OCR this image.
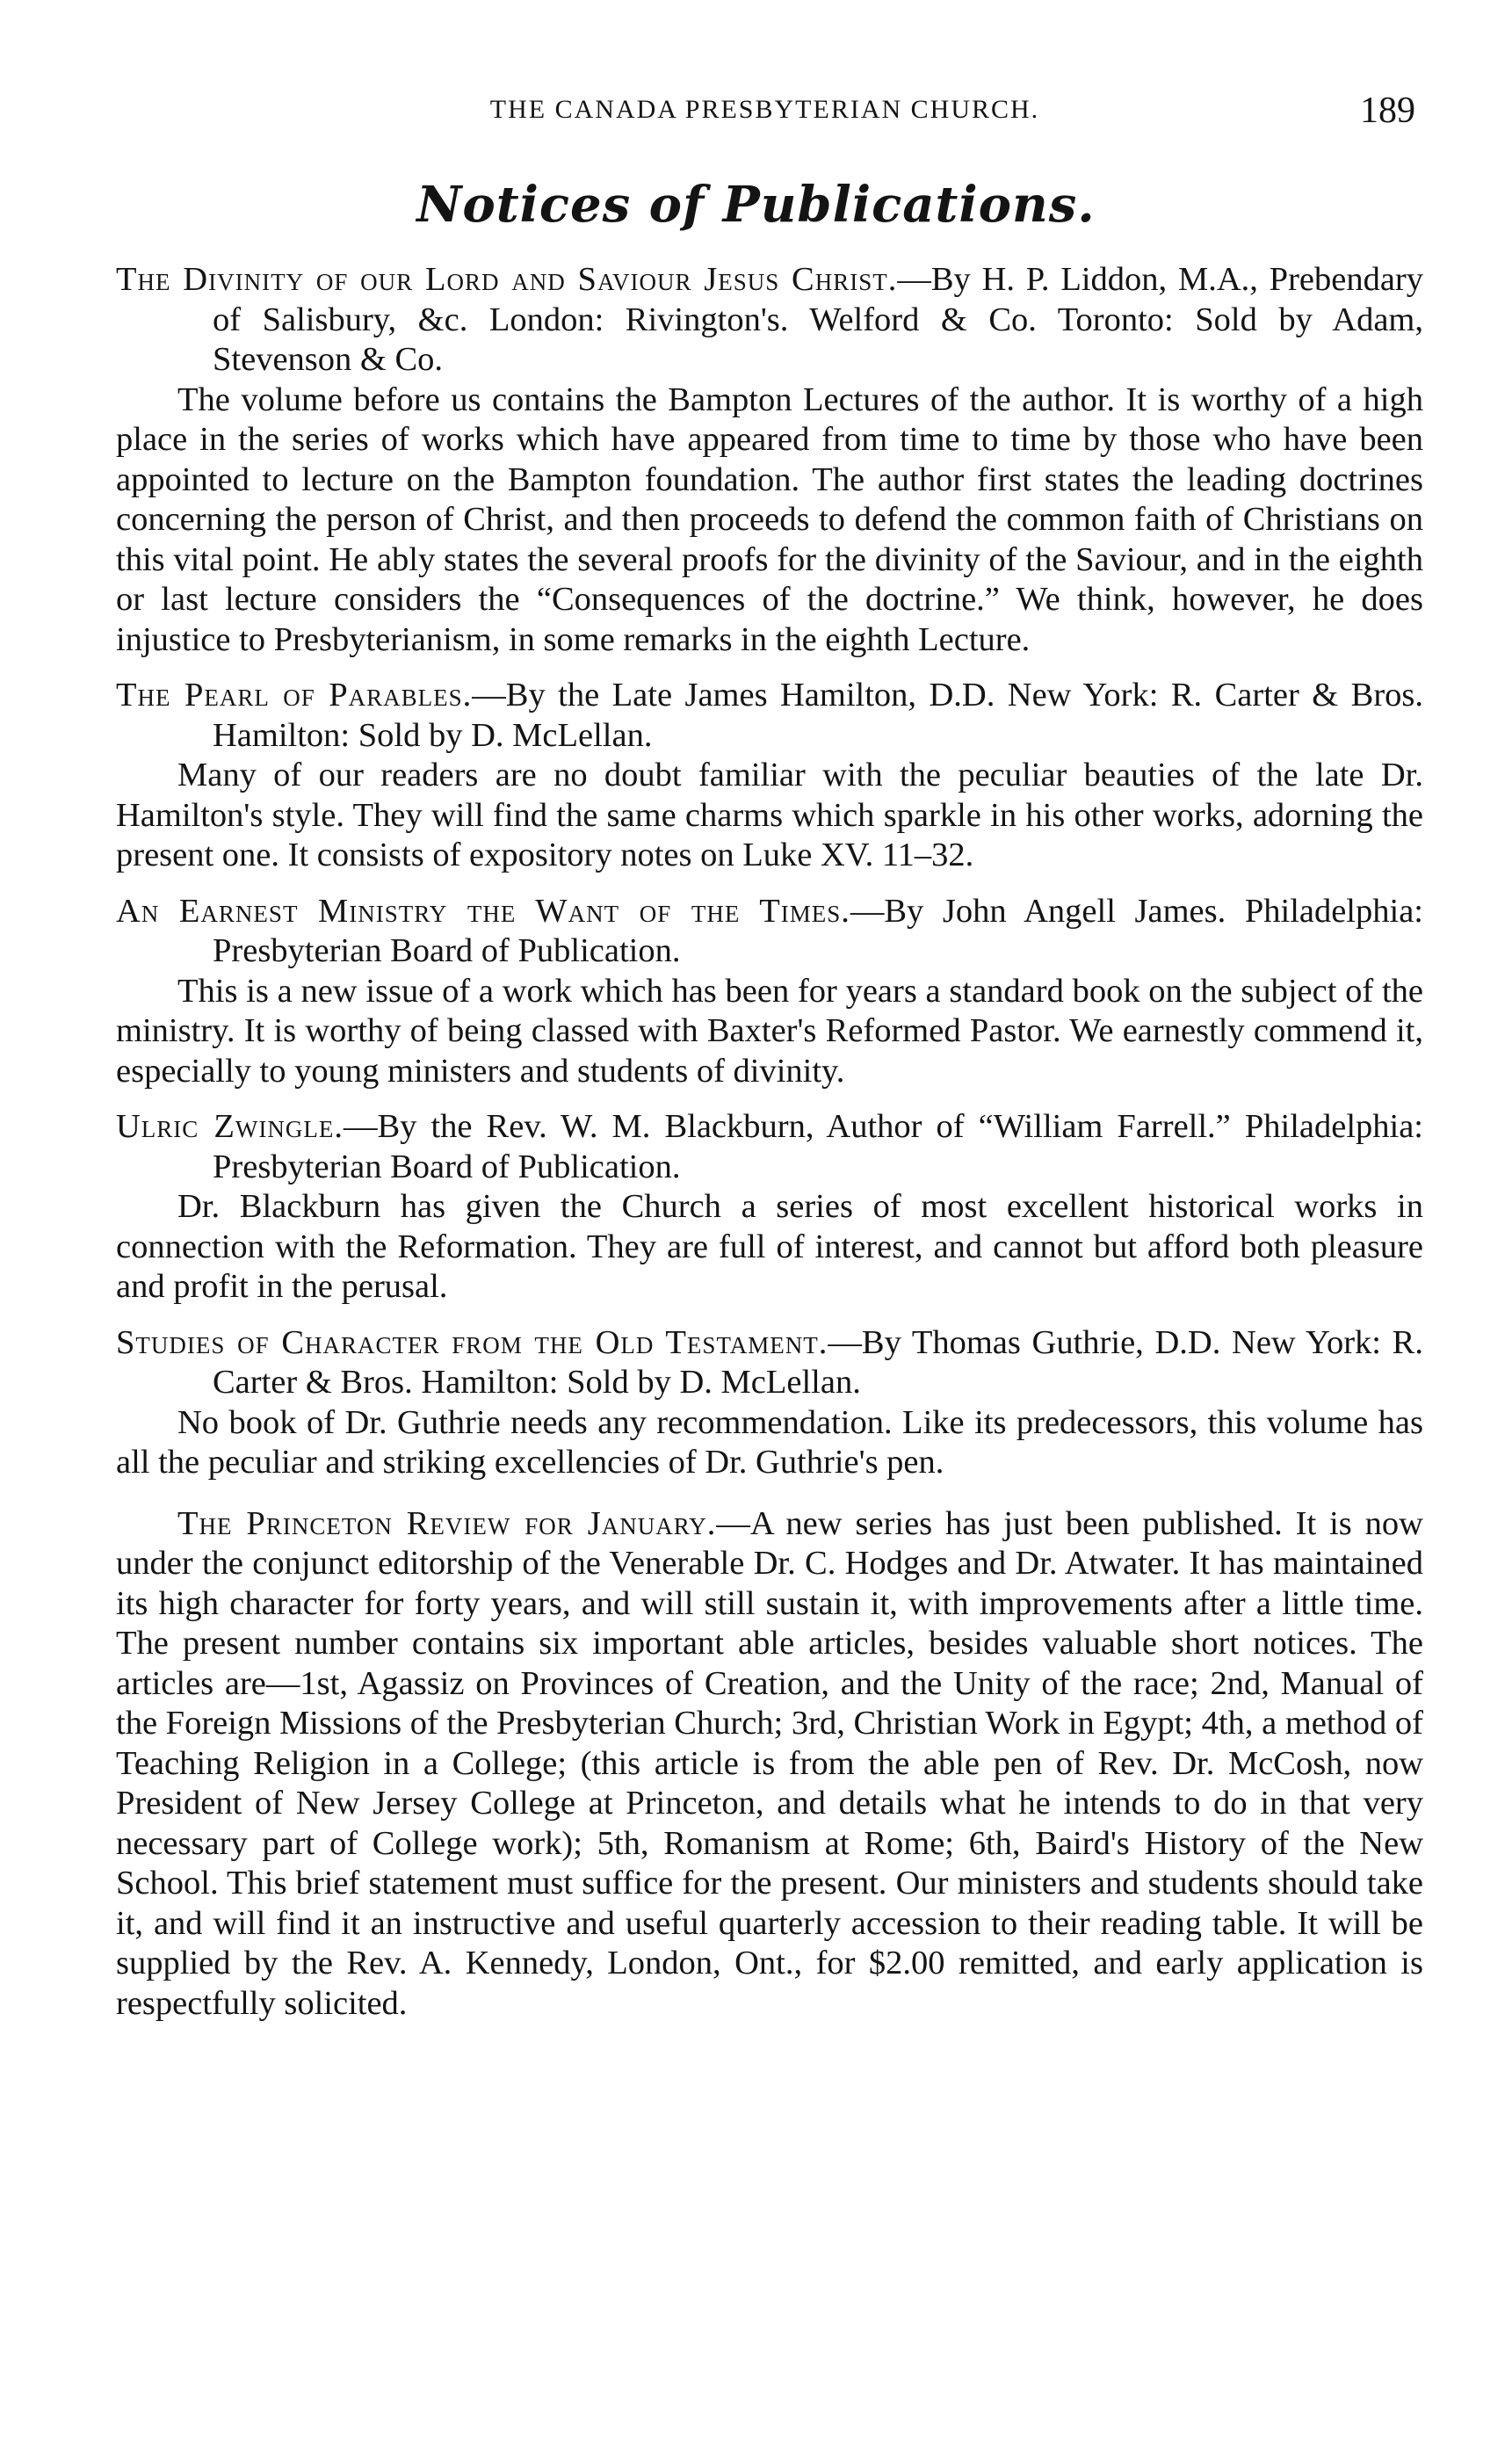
THE CANADA PRESBYTERIAN CHURCH.	189
Notices of Publications.

The Divinity of our Lord and Saviour Jesus Christ.—By H. P. Liddon, M.A., Prebendary of Salisbury, &c. London: Rivington's. Welford & Co. Toronto: Sold by Adam, Stevenson & Co.

The volume before us contains the Bampton Lectures of the author. It is worthy of a high place in the series of works which have appeared from time to time by those who have been appointed to lecture on the Bampton foundation. The author first states the leading doctrines concerning the person of Christ, and then proceeds to defend the common faith of Christians on this vital point. He ably states the several proofs for the divinity of the Saviour, and in the eighth or last lecture considers the “Consequences of the doctrine.” We think, however, he does injustice to Presbyterianism, in some remarks in the eighth Lecture.

The Pearl of Parables.—By the Late James Hamilton, D.D. New York: R. Carter & Bros. Hamilton: Sold by D. McLellan.

Many of our readers are no doubt familiar with the peculiar beauties of the late Dr. Hamilton's style. They will find the same charms which sparkle in his other works, adorning the present one. It consists of expository notes on Luke XV. 11–32.

An Earnest Ministry the Want of the Times.—By John Angell James. Philadelphia: Presbyterian Board of Publication.

This is a new issue of a work which has been for years a standard book on the subject of the ministry. It is worthy of being classed with Baxter's Reformed Pastor. We earnestly commend it, especially to young ministers and students of divinity.

Ulric Zwingle.—By the Rev. W. M. Blackburn, Author of “William Farrell.” Philadelphia: Presbyterian Board of Publication.

Dr. Blackburn has given the Church a series of most excellent historical works in connection with the Reformation. They are full of interest, and cannot but afford both pleasure and profit in the perusal.

Studies of Character from the Old Testament.—By Thomas Guthrie, D.D. New York: R. Carter & Bros. Hamilton: Sold by D. McLellan.

No book of Dr. Guthrie needs any recommendation. Like its predecessors, this volume has all the peculiar and striking excellencies of Dr. Guthrie's pen.

The Princeton Review for January.—A new series has just been published. It is now under the conjunct editorship of the Venerable Dr. C. Hodges and Dr. Atwater. It has maintained its high character for forty years, and will still sustain it, with improvements after a little time. The present number contains six important able articles, besides valuable short notices. The articles are—1st, Agassiz on Provinces of Creation, and the Unity of the race; 2nd, Manual of the Foreign Missions of the Presbyterian Church; 3rd, Christian Work in Egypt; 4th, a method of Teaching Religion in a College; (this article is from the able pen of Rev. Dr. McCosh, now President of New Jersey College at Princeton, and details what he intends to do in that very necessary part of College work); 5th, Romanism at Rome; 6th, Baird's History of the New School. This brief statement must suffice for the present. Our ministers and students should take it, and will find it an instructive and useful quarterly accession to their reading table. It will be supplied by the Rev. A. Kennedy, London, Ont., for $2.00 remitted, and early application is respectfully solicited.
